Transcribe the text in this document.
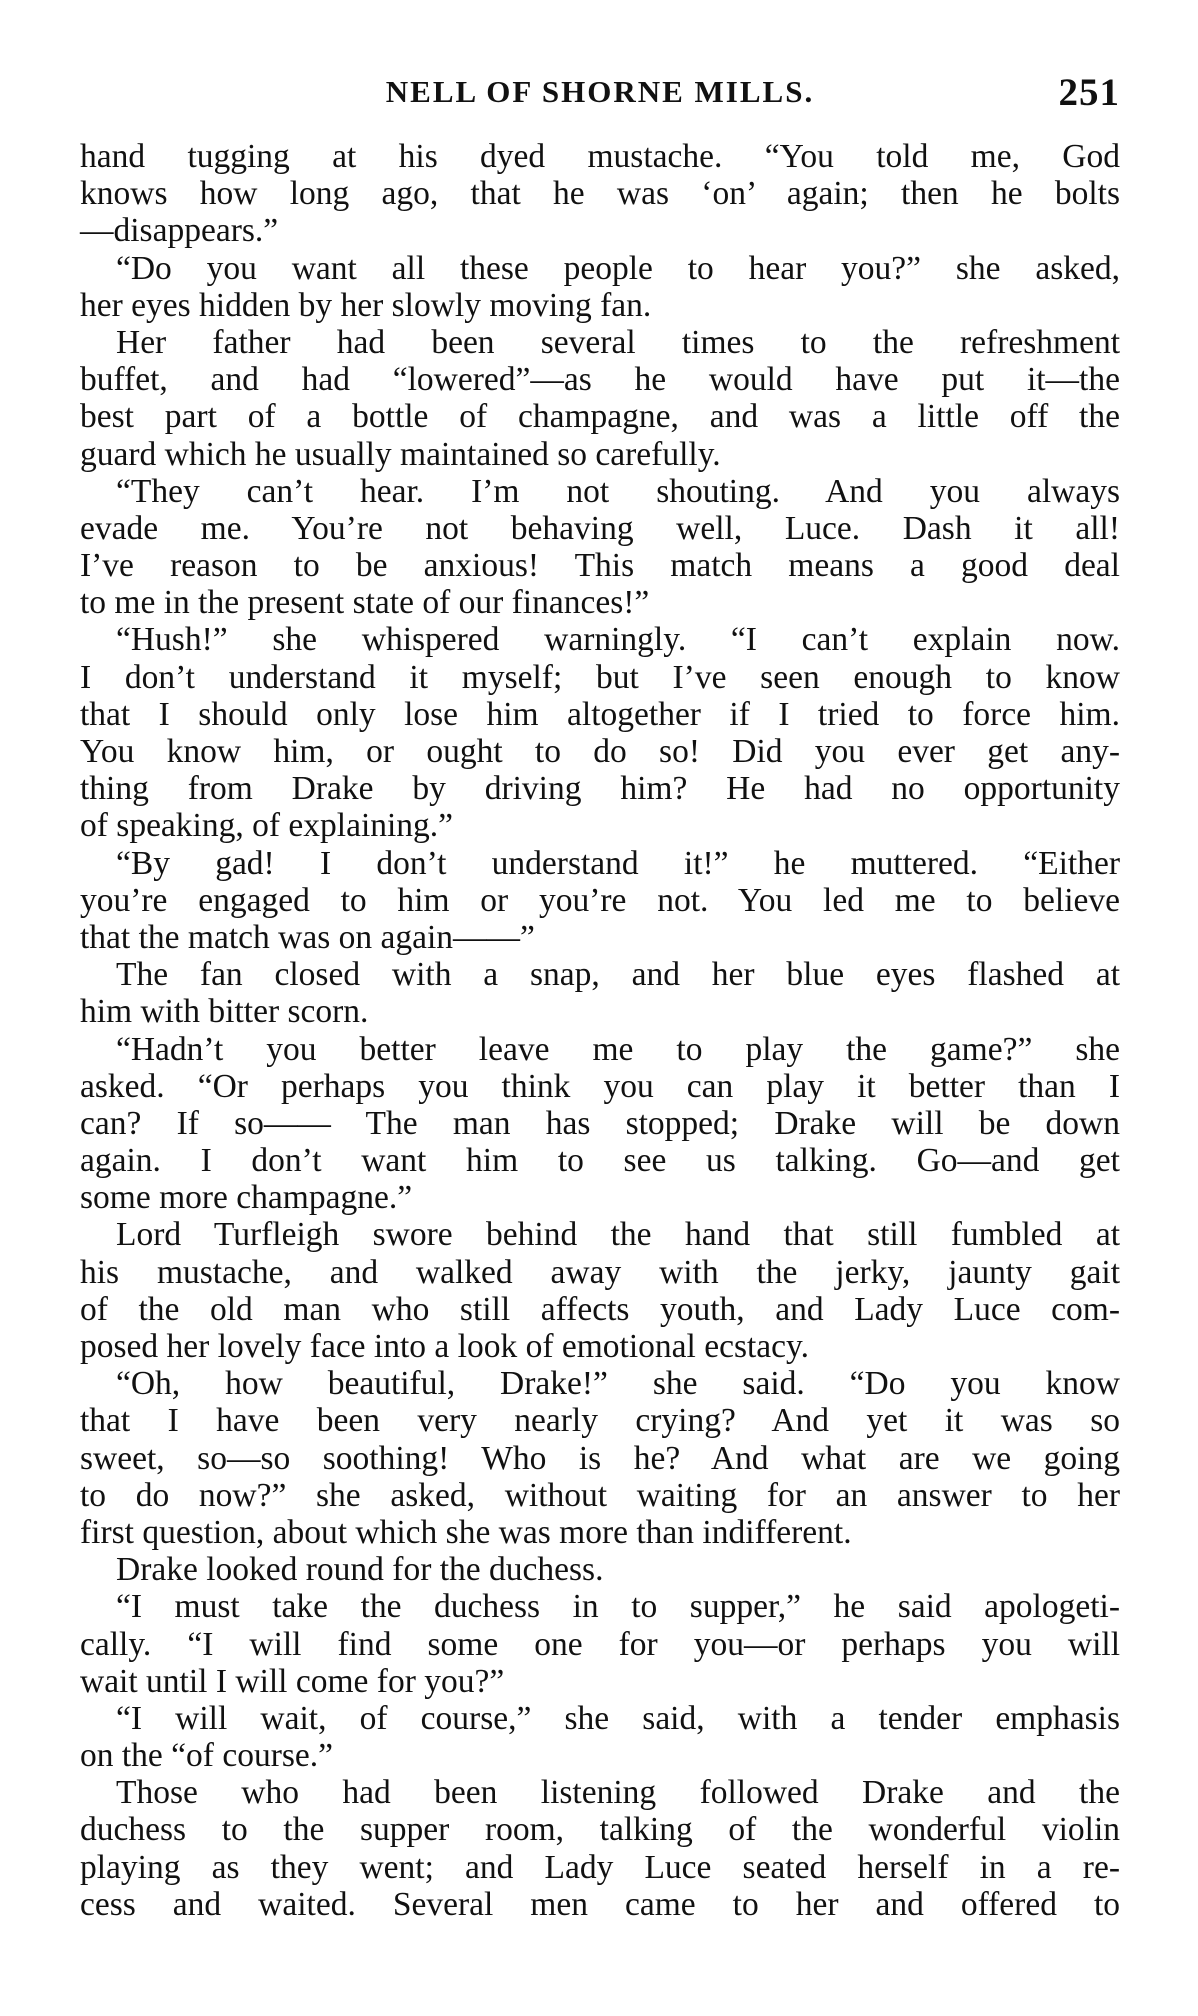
NELL OF SHORNE MILLS.	251
hand tugging at his dyed mustache. “You told me, God
knows how long ago, that he was ‘on’ again; then he bolts
—disappears.”
“Do you want all these people to hear you?” she asked,
her eyes hidden by her slowly moving fan.
Her father had been several times to the refreshment
buffet, and had “lowered”—as he would have put it—the
best part of a bottle of champagne, and was a little off the
guard which he usually maintained so carefully.
“They can’t hear. I’m not shouting. And you always
evade me. You’re not behaving well, Luce. Dash it all!
I’ve reason to be anxious! This match means a good deal
to me in the present state of our finances!”
“Hush!” she whispered warningly. “I can’t explain now.
I don’t understand it myself; but I’ve seen enough to know
that I should only lose him altogether if I tried to force him.
You know him, or ought to do so! Did you ever get any-
thing from Drake by driving him? He had no opportunity
of speaking, of explaining.”
“By gad! I don’t understand it!” he muttered. “Either
you’re engaged to him or you’re not. You led me to believe
that the match was on again——”
The fan closed with a snap, and her blue eyes flashed at
him with bitter scorn.
“Hadn’t you better leave me to play the game?” she
asked. “Or perhaps you think you can play it better than I
can? If so—— The man has stopped; Drake will be down
again. I don’t want him to see us talking. Go—and get
some more champagne.”
Lord Turfleigh swore behind the hand that still fumbled at
his mustache, and walked away with the jerky, jaunty gait
of the old man who still affects youth, and Lady Luce com-
posed her lovely face into a look of emotional ecstacy.
“Oh, how beautiful, Drake!” she said. “Do you know
that I have been very nearly crying? And yet it was so
sweet, so—so soothing! Who is he? And what are we going
to do now?” she asked, without waiting for an answer to her
first question, about which she was more than indifferent.
Drake looked round for the duchess.
“I must take the duchess in to supper,” he said apologeti-
cally. “I will find some one for you—or perhaps you will
wait until I will come for you?”
“I will wait, of course,” she said, with a tender emphasis
on the “of course.”
Those who had been listening followed Drake and the
duchess to the supper room, talking of the wonderful violin
playing as they went; and Lady Luce seated herself in a re-
cess and waited. Several men came to her and offered to
